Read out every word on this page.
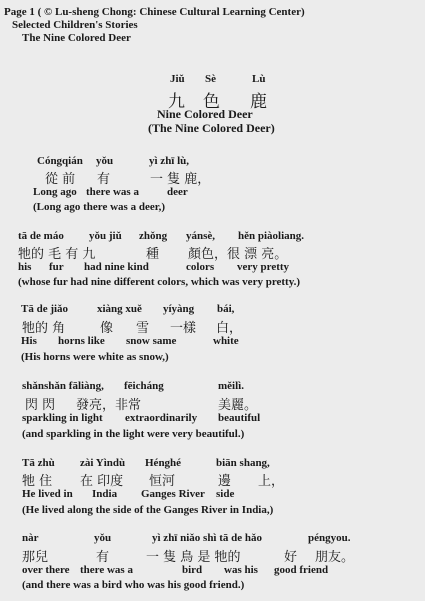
Page 1 ( © Lu-sheng Chong: Chinese Cultural Learning Center)
Selected Children's Stories
The Nine Colored Deer
Jiǔ Sè	Lù
九 色 鹿
Nine Colored Deer
(The Nine Colored Deer)
Cóngqián yǒu	yì zhī lù,
從 前 有	一 隻 鹿，
Long ago there was a	deer
(Long ago there was a deer,)
tā de máo yǒu jiǔ zhǒng yánsè, hěn piàoliang.
牠的 毛 有 九	種 顏色，很 漂 亮。
his fur had nine kind	colors very pretty
(whose fur had nine different colors, which was very pretty.)
Tā de jiǎo	xiàng xuě yíyàng bái,
牠的 角	像 雪 一樣 白，
His horns like snow same	white
(His horns were white as snow,)
shǎnshǎn fāliàng, fēicháng	měilì.
閃 閃 發亮，非常	美麗。
sparkling in light extraordinarily beautiful
(and sparkling in the light were very beautiful.)
Tā zhù zài Yìndù Hénghé	biān shang,
牠 住 在 印度 恒河	邊 上，
He lived in India Ganges River side
(He lived along the side of the Ganges River in India,)
nàr	yǒu	yì zhī niǎo shì tā de hǎo	péngyou.
那兒	有	一 隻 鳥 是 牠的	好 朋友。
over there there was a	bird was his good friend
(and there was a bird who was his good friend.)
